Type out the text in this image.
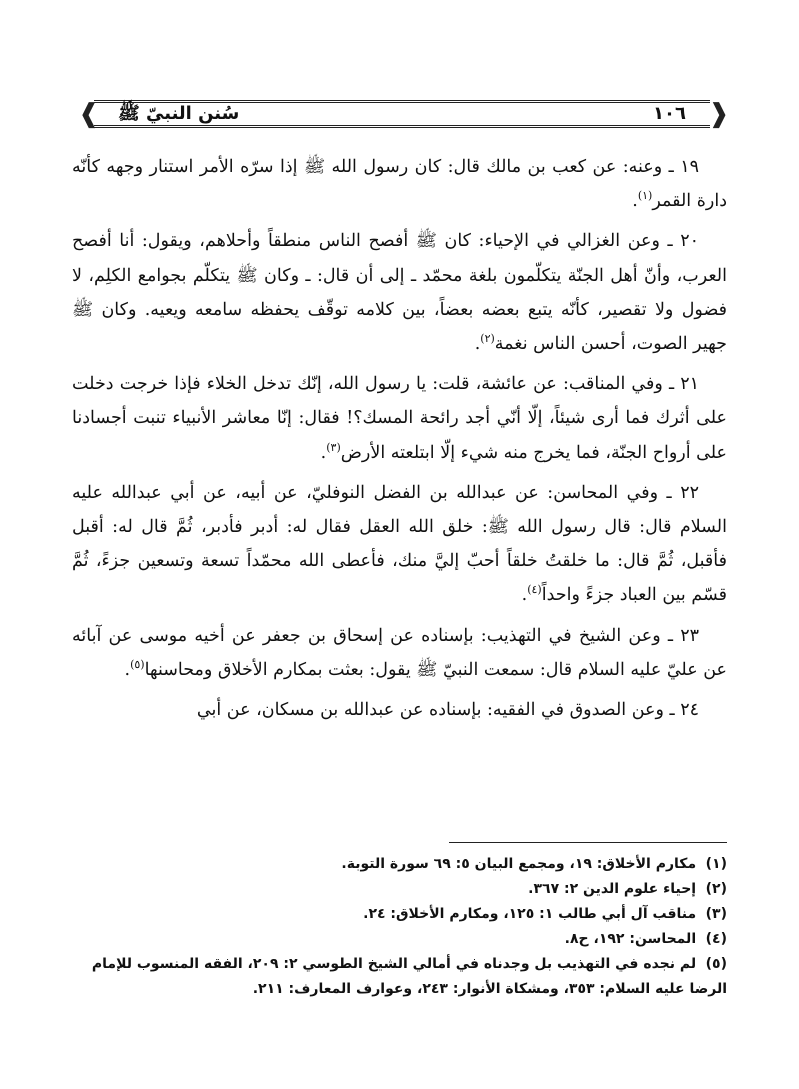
❰	❱
سُنن النبيّ ﷺ	١٠٦

١٩ ـ وعنه: عن كعب بن مالك قال: كان رسول الله ﷺ إذا سرّه الأمر استنار وجهه كأنّه دارة القمر$^{(١)}$.

٢٠ ـ وعن الغزالي في الإحياء: كان ﷺ أفصح الناس منطقاً وأحلاهم، ويقول: أنا أفصح العرب، وأنّ أهل الجنّة يتكلّمون بلغة محمّد ـ إلى أن قال: ـ وكان ﷺ يتكلّم بجوامع الكلِم، لا فضول ولا تقصير، كأنّه يتبع بعضه بعضاً، بين كلامه توقّف يحفظه سامعه ويعيه. وكان ﷺ جهير الصوت، أحسن الناس نغمة$^{(٢)}$.

٢١ ـ وفي المناقب: عن عائشة، قلت: يا رسول الله، إنّك تدخل الخلاء فإذا خرجت دخلت على أثرك فما أرى شيئاً، إلّا أنّي أجد رائحة المسك؟! فقال: إنّا معاشر الأنبياء تنبت أجسادنا على أرواح الجنّة، فما يخرج منه شيء إلّا ابتلعته الأرض$^{(٣)}$.

٢٢ ـ وفي المحاسن: عن عبدالله بن الفضل النوفليّ، عن أبيه، عن أبي عبدالله عليه السلام قال: قال رسول الله ﷺ: خلق الله العقل فقال له: أدبر فأدبر، ثُمَّ قال له: أقبل فأقبل، ثُمَّ قال: ما خلقتُ خلقاً أحبّ إليَّ منك، فأعطى الله محمّداً تسعة وتسعين جزءً، ثُمَّ قسّم بين العباد جزءً واحداً$^{(٤)}$.

٢٣ ـ وعن الشيخ في التهذيب: بإسناده عن إسحاق بن جعفر عن أخيه موسى عن آبائه عن عليّ عليه السلام قال: سمعت النبيّ ﷺ يقول: بعثت بمكارم الأخلاق ومحاسنها$^{(٥)}$.

٢٤ ـ وعن الصدوق في الفقيه: بإسناده عن عبدالله بن مسكان، عن أبي

(١) مكارم الأخلاق: ١٩، ومجمع البيان ٥: ٦٩ سورة التوبة.

(٢) إحياء علوم الدين ٢: ٣٦٧.

(٣) مناقب آل أبي طالب ١: ١٢٥، ومكارم الأخلاق: ٢٤.

(٤) المحاسن: ١٩٢، ح٨.

(٥) لم نجده في التهذيب بل وجدناه في أمالي الشيخ الطوسي ٢: ٢٠٩، الفقه المنسوب للإمام الرضا عليه السلام: ٣٥٣، ومشكاة الأنوار: ٢٤٣، وعوارف المعارف: ٢١١.
